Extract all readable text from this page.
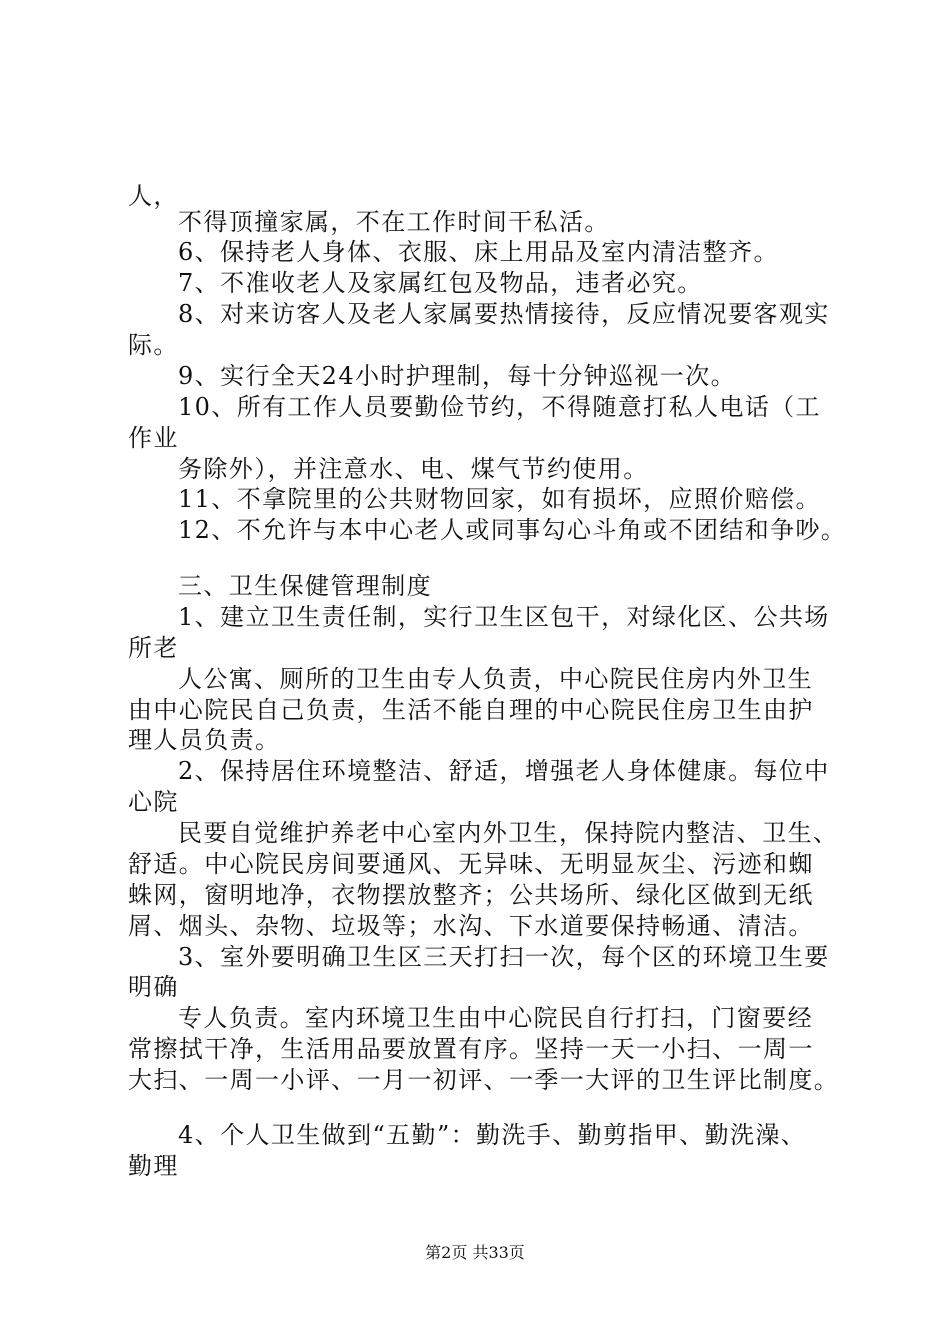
人，
不得顶撞家属，不在工作时间干私活。
6、保持老人身体、衣服、床上用品及室内清洁整齐。
7、不准收老人及家属红包及物品，违者必究。
8、对来访客人及老人家属要热情接待，反应情况要客观实
际。
9、实行全天24小时护理制，每十分钟巡视一次。
10、所有工作人员要勤俭节约，不得随意打私人电话（工
作业
务除外），并注意水、电、煤气节约使用。
11、不拿院里的公共财物回家，如有损坏，应照价赔偿。
12、不允许与本中心老人或同事勾心斗角或不团结和争吵。
三、卫生保健管理制度
1、建立卫生责任制，实行卫生区包干，对绿化区、公共场
所老
人公寓、厕所的卫生由专人负责，中心院民住房内外卫生
由中心院民自己负责，生活不能自理的中心院民住房卫生由护
理人员负责。
2、保持居住环境整洁、舒适，增强老人身体健康。每位中
心院
民要自觉维护养老中心室内外卫生，保持院内整洁、卫生、
舒适。中心院民房间要通风、无异味、无明显灰尘、污迹和蜘
蛛网，窗明地净，衣物摆放整齐；公共场所、绿化区做到无纸
屑、烟头、杂物、垃圾等；水沟、下水道要保持畅通、清洁。
3、室外要明确卫生区三天打扫一次，每个区的环境卫生要
明确
专人负责。室内环境卫生由中心院民自行打扫，门窗要经
常擦拭干净，生活用品要放置有序。坚持一天一小扫、一周一
大扫、一周一小评、一月一初评、一季一大评的卫生评比制度。
4、个人卫生做到“五勤”：勤洗手、勤剪指甲、勤洗澡、
勤理
第2页 共33页
